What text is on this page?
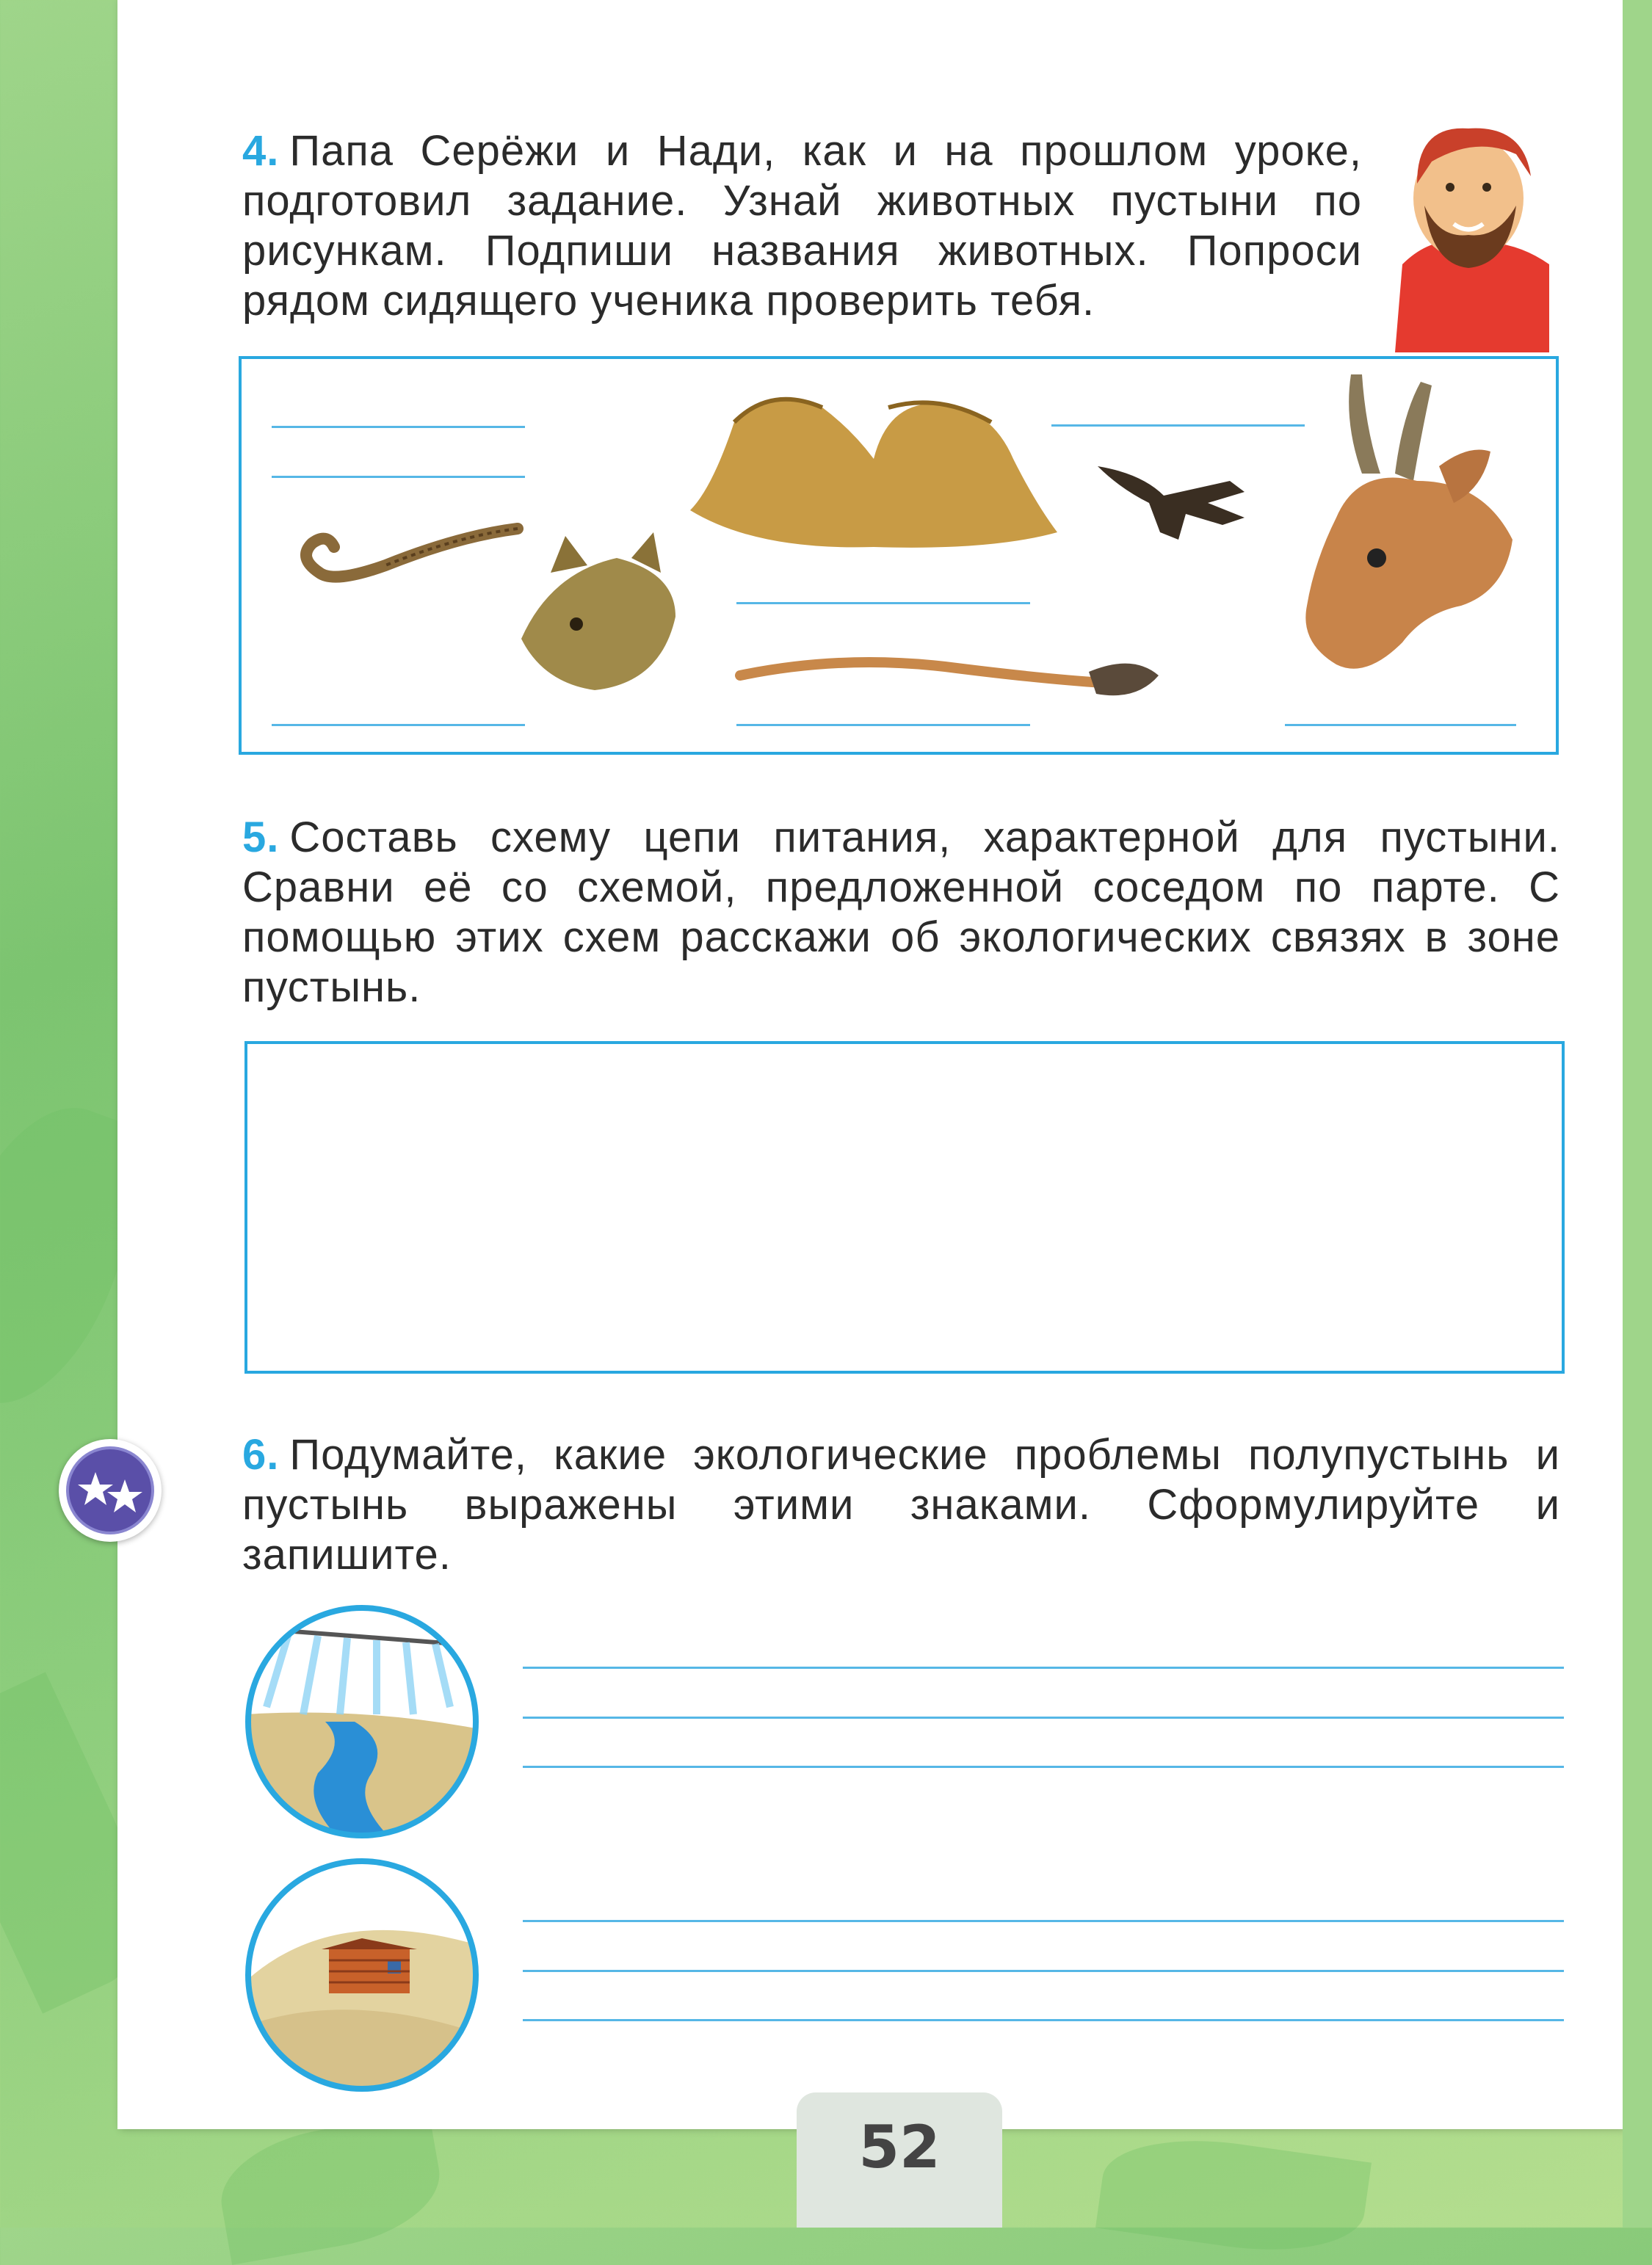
4. Папа Серёжи и Нади, как и на прошлом уроке, подготовил задание. Узнай животных пустыни по рисункам. Подпиши названия животных. Попроси рядом сидящего ученика проверить тебя.
5. Составь схему цепи питания, характерной для пустыни. Сравни её со схемой, предложенной соседом по парте. С помощью этих схем расскажи об экологических связях в зоне пустынь.
6. Подумайте, какие экологические проблемы полупустынь и пустынь выражены этими знаками. Сформулируйте и запишите.
52
